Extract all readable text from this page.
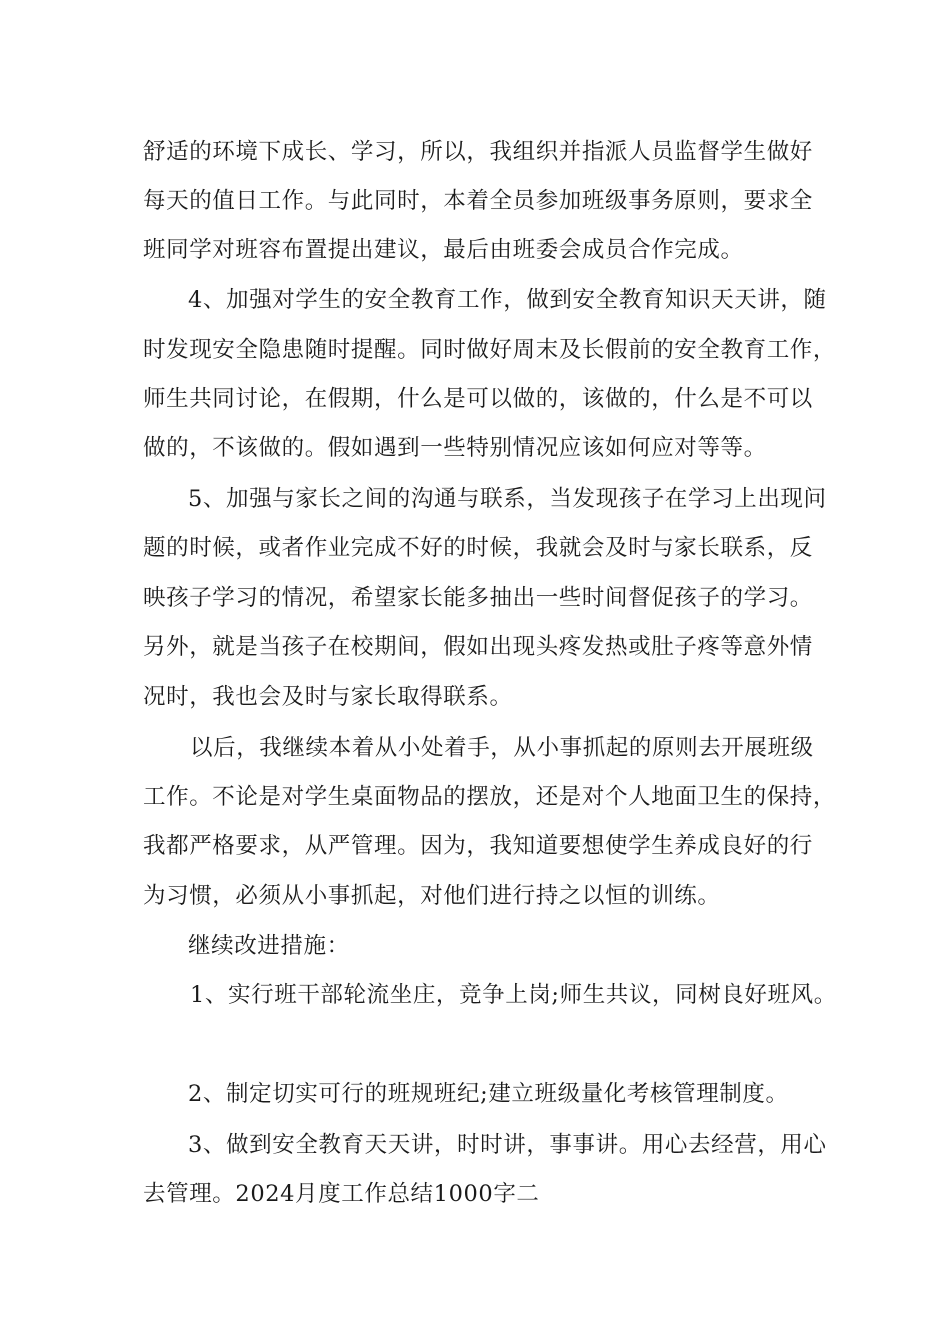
舒适的环境下成长、学习，所以，我组织并指派人员监督学生做好
每天的值日工作。与此同时，本着全员参加班级事务原则，要求全
班同学对班容布置提出建议，最后由班委会成员合作完成。
4、加强对学生的安全教育工作，做到安全教育知识天天讲，随
时发现安全隐患随时提醒。同时做好周末及长假前的安全教育工作，
师生共同讨论，在假期，什么是可以做的，该做的，什么是不可以
做的，不该做的。假如遇到一些特别情况应该如何应对等等。
5、加强与家长之间的沟通与联系，当发现孩子在学习上出现问
题的时候，或者作业完成不好的时候，我就会及时与家长联系，反
映孩子学习的情况，希望家长能多抽出一些时间督促孩子的学习。
另外，就是当孩子在校期间，假如出现头疼发热或肚子疼等意外情
况时，我也会及时与家长取得联系。
以后，我继续本着从小处着手，从小事抓起的原则去开展班级
工作。不论是对学生桌面物品的摆放，还是对个人地面卫生的保持，
我都严格要求，从严管理。因为，我知道要想使学生养成良好的行
为习惯，必须从小事抓起，对他们进行持之以恒的训练。
继续改进措施：
1、实行班干部轮流坐庄，竞争上岗;师生共议，同树良好班风。
2、制定切实可行的班规班纪;建立班级量化考核管理制度。
3、做到安全教育天天讲，时时讲，事事讲。用心去经营，用心
去管理。2024月度工作总结1000字二
